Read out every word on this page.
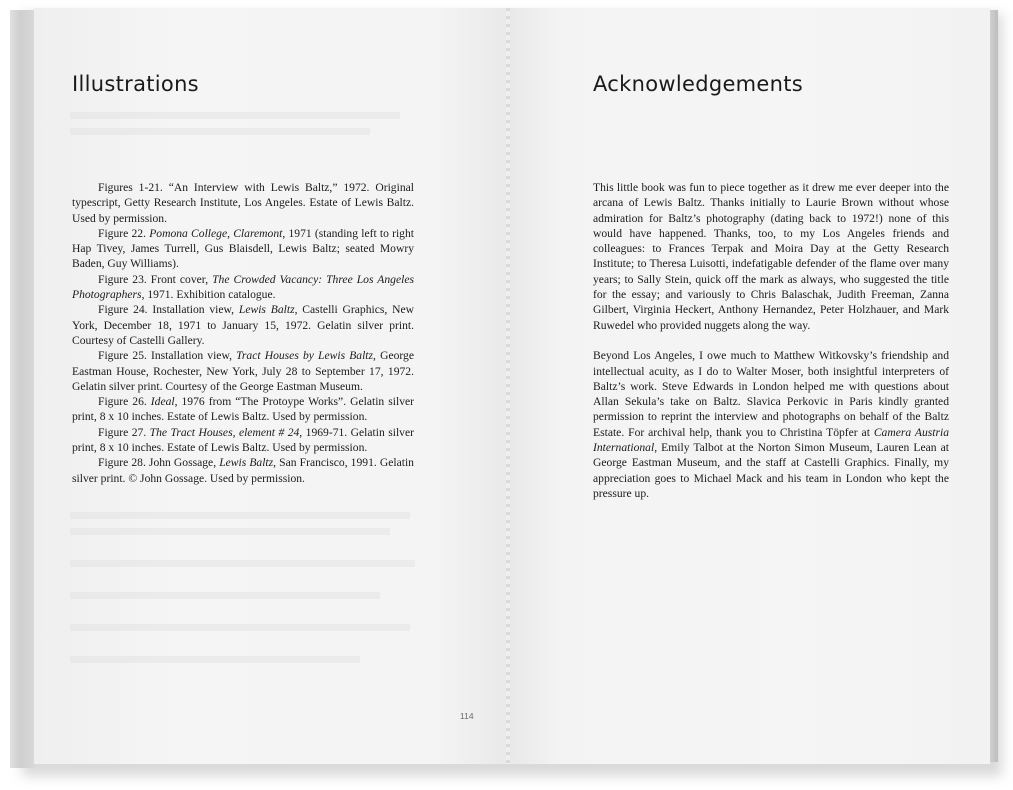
Illustrations

Figures 1-21. “An Interview with Lewis Baltz,” 1972. Original typescript, Getty Research Institute, Los Angeles. Estate of Lewis Baltz. Used by permission.

Figure 22. Pomona College, Claremont, 1971 (standing left to right Hap Tivey, James Turrell, Gus Blaisdell, Lewis Baltz; seated Mowry Baden, Guy Williams).

Figure 23. Front cover, The Crowded Vacancy: Three Los Angeles Photographers, 1971. Exhibition catalogue.

Figure 24. Installation view, Lewis Baltz, Castelli Graphics, New York, December 18, 1971 to January 15, 1972. Gelatin silver print. Courtesy of Castelli Gallery.

Figure 25. Installation view, Tract Houses by Lewis Baltz, George Eastman House, Rochester, New York, July 28 to September 17, 1972. Gelatin silver print. Courtesy of the George Eastman Museum.

Figure 26. Ideal, 1976 from “The Protoype Works”. Gelatin silver print, 8 x 10 inches. Estate of Lewis Baltz. Used by permission.

Figure 27. The Tract Houses, element # 24, 1969-71. Gelatin silver print, 8 x 10 inches. Estate of Lewis Baltz. Used by permission.

Figure 28. John Gossage, Lewis Baltz, San Francisco, 1991. Gelatin silver print. © John Gossage. Used by permission.

114
Acknowledgements

This little book was fun to piece together as it drew me ever deeper into the arcana of Lewis Baltz. Thanks initially to Laurie Brown without whose admiration for Baltz’s photography (dating back to 1972!) none of this would have happened. Thanks, too, to my Los Angeles friends and colleagues: to Frances Terpak and Moira Day at the Getty Research Institute; to Theresa Luisotti, indefatigable defender of the flame over many years; to Sally Stein, quick off the mark as always, who suggested the title for the essay; and variously to Chris Balaschak, Judith Freeman, Zanna Gilbert, Virginia Heckert, Anthony Hernandez, Peter Holzhauer, and Mark Ruwedel who provided nuggets along the way.

Beyond Los Angeles, I owe much to Matthew Witkovsky’s friendship and intellectual acuity, as I do to Walter Moser, both insightful interpreters of Baltz’s work. Steve Edwards in London helped me with questions about Allan Sekula’s take on Baltz. Slavica Perkovic in Paris kindly granted permission to reprint the interview and photographs on behalf of the Baltz Estate. For archival help, thank you to Christina Töpfer at Camera Austria International, Emily Talbot at the Norton Simon Museum, Lauren Lean at George Eastman Museum, and the staff at Castelli Graphics. Finally, my appreciation goes to Michael Mack and his team in London who kept the pressure up.
